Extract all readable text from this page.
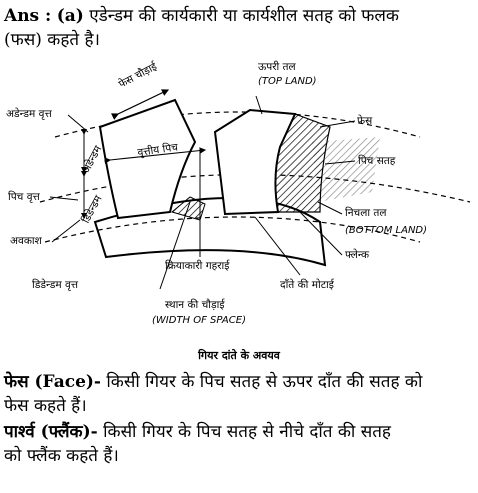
Ans : (a) एडेन्डम की कार्यकारी या कार्यशील सतह को फलक
(फस) कहते है।
फेस चौड़ाई	ऊपरी तल
(TOP LAND)
फेस
अडेन्डम वृत्त
अडेन्डम	वृत्तीय पिच
पिच सतह
पिच वृत्त	डिडेन्डम
अवकाश
निचला तल
(BOTTOM LAND)
फ्लेन्क
डिडेन्डम वृत्त
क्रियाकारी गहराई
दाँते की मोटाई
स्थान की चौड़ाई
(WIDTH OF SPACE)
गियर दांते के अवयव
फेस (Face)- किसी गियर के पिच सतह से ऊपर दाँत की सतह को
फेस कहते हैं।
पार्श्व (फ्लैंक)- किसी गियर के पिच सतह से नीचे दाँत की सतह
को फ्लैंक कहते हैं।
